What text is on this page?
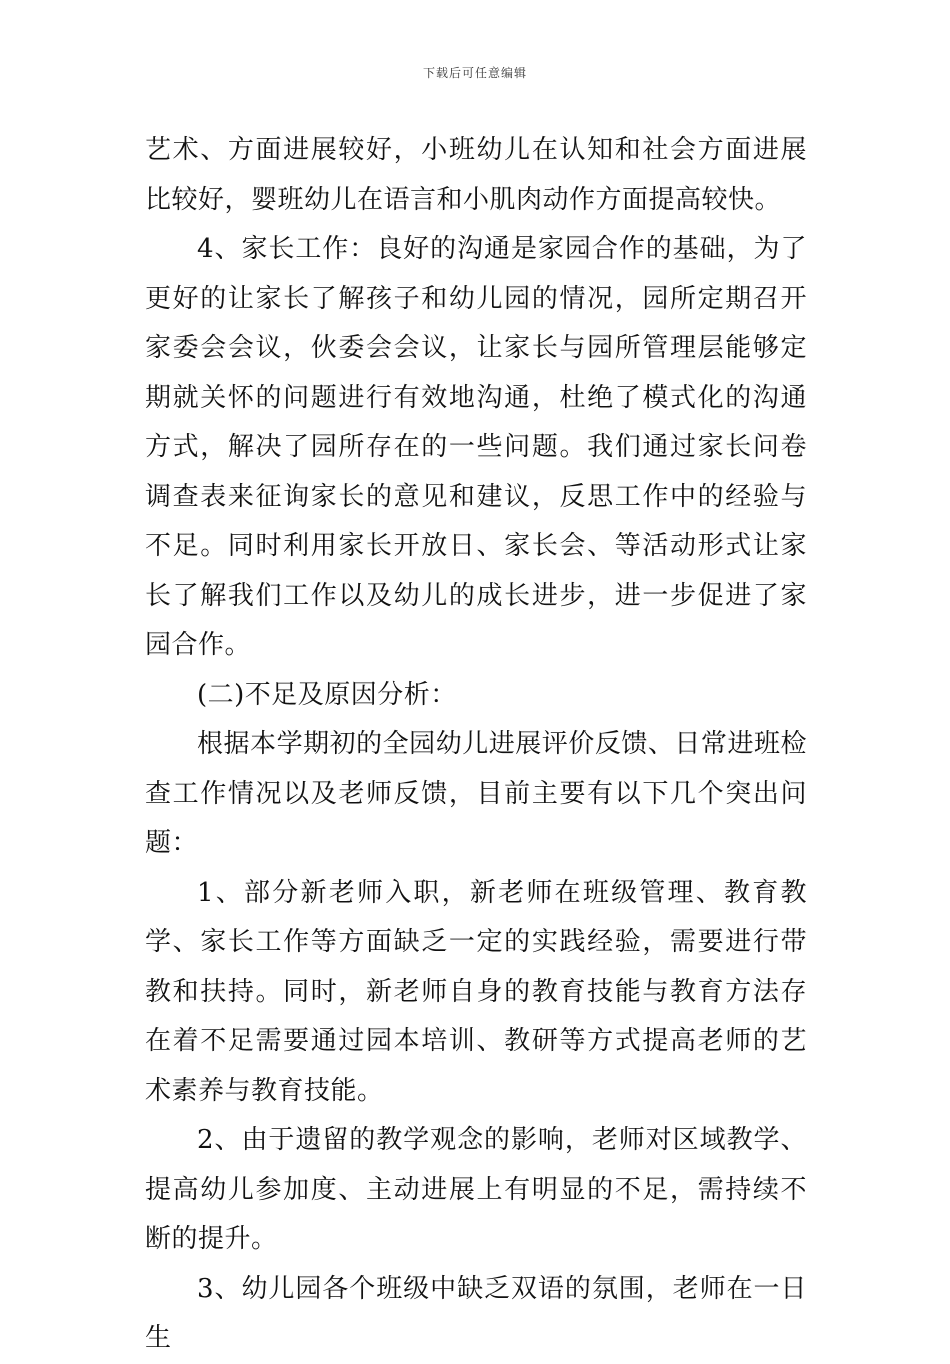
下载后可任意编辑

艺术、方面进展较好，小班幼儿在认知和社会方面进展比较好，婴班幼儿在语言和小肌肉动作方面提高较快。

4、家长工作：良好的沟通是家园合作的基础，为了更好的让家长了解孩子和幼儿园的情况，园所定期召开家委会会议，伙委会会议，让家长与园所管理层能够定期就关怀的问题进行有效地沟通，杜绝了模式化的沟通方式，解决了园所存在的一些问题。我们通过家长问卷调查表来征询家长的意见和建议，反思工作中的经验与不足。同时利用家长开放日、家长会、等活动形式让家长了解我们工作以及幼儿的成长进步，进一步促进了家园合作。

(二)不足及原因分析：

根据本学期初的全园幼儿进展评价反馈、日常进班检查工作情况以及老师反馈，目前主要有以下几个突出问题：

1、部分新老师入职，新老师在班级管理、教育教学、家长工作等方面缺乏一定的实践经验，需要进行带教和扶持。同时，新老师自身的教育技能与教育方法存在着不足需要通过园本培训、教研等方式提高老师的艺术素养与教育技能。

2、由于遗留的教学观念的影响，老师对区域教学、提高幼儿参加度、主动进展上有明显的不足，需持续不断的提升。

3、幼儿园各个班级中缺乏双语的氛围，老师在一日生
